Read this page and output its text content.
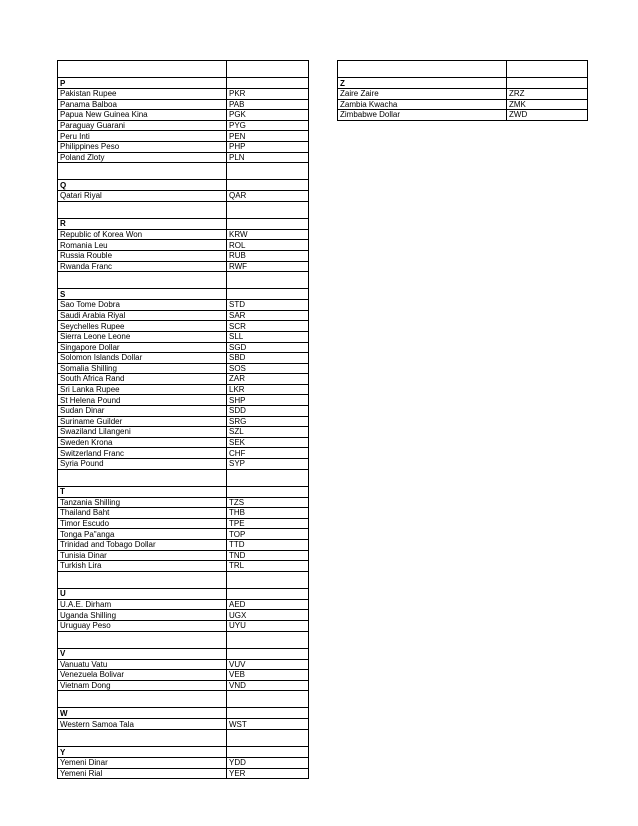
P	
Pakistan Rupee	PKR
Panama Balboa	PAB
Papua New Guinea Kina	PGK
Paraguay Guarani	PYG
Peru Inti	PEN
Philippines Peso	PHP
Poland Zloty	PLN

Q	
Qatari Riyal	QAR

R	
Republic of Korea Won	KRW
Romania Leu	ROL
Russia Rouble	RUB
Rwanda Franc	RWF

S	
Sao Tome Dobra	STD
Saudi Arabia Riyal	SAR
Seychelles Rupee	SCR
Sierra Leone Leone	SLL
Singapore Dollar	SGD
Solomon Islands Dollar	SBD
Somalia Shilling	SOS
South Africa Rand	ZAR
Sri Lanka Rupee	LKR
St Helena Pound	SHP
Sudan Dinar	SDD
Suriname Guilder	SRG
Swaziland Lilangeni	SZL
Sweden Krona	SEK
Switzerland Franc	CHF
Syria Pound	SYP

T	
Tanzania Shilling	TZS
Thailand Baht	THB
Timor Escudo	TPE
Tonga Pa"anga	TOP
Trinidad and Tobago Dollar	TTD
Tunisia Dinar	TND
Turkish Lira	TRL

U	
U.A.E. Dirham	AED
Uganda Shilling	UGX
Uruguay Peso	UYU

V	
Vanuatu Vatu	VUV
Venezuela Bolivar	VEB
Vietnam Dong	VND

W	
Western Samoa Tala	WST

Y	
Yemeni Dinar	YDD
Yemeni Rial	YER

Z	
Zaire Zaire	ZRZ
Zambia Kwacha	ZMK
Zimbabwe Dollar	ZWD
